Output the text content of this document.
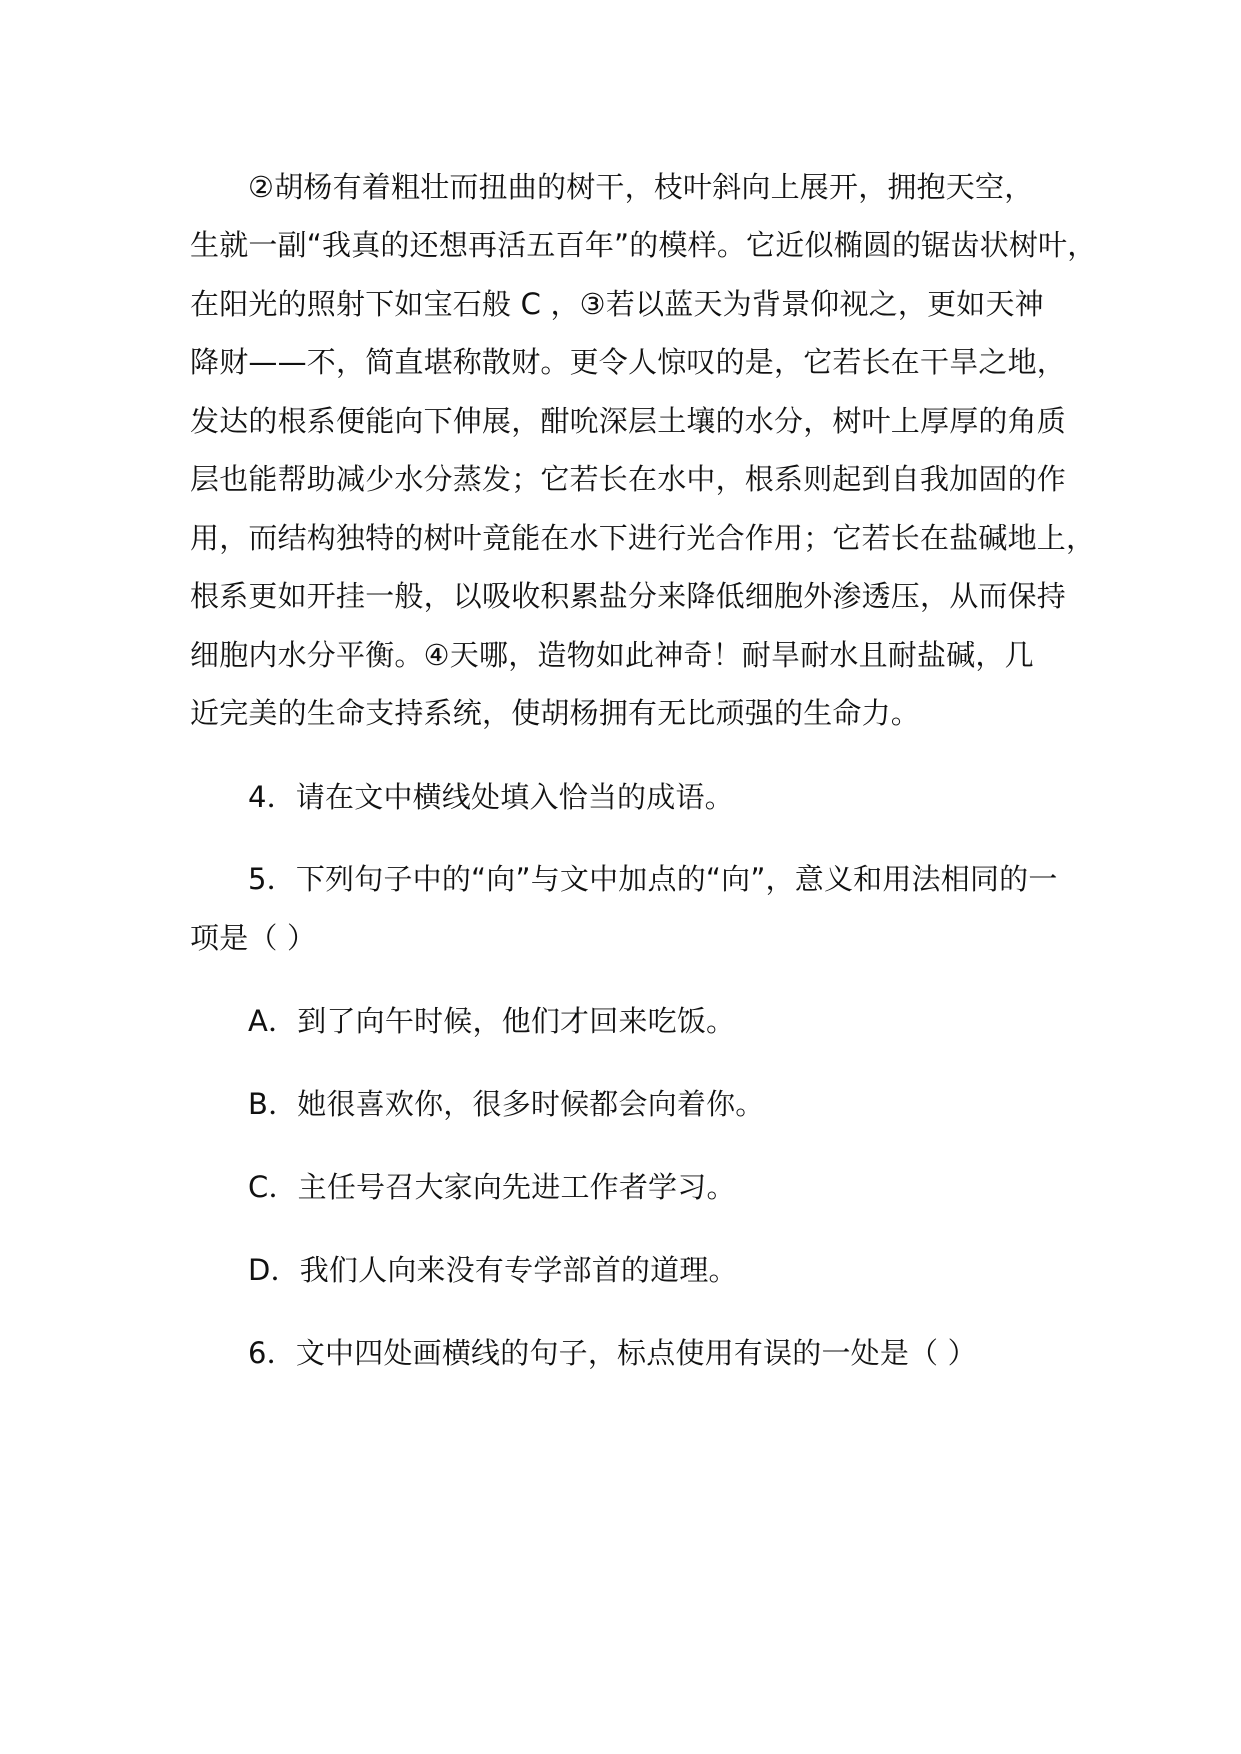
②胡杨有着粗壮而扭曲的树干，枝叶斜向上展开，拥抱天空，
生就一副“我真的还想再活五百年”的模样。它近似椭圆的锯齿状树叶，
在阳光的照射下如宝石般 C ，③若以蓝天为背景仰视之，更如天神
降财——不，简直堪称散财。更令人惊叹的是，它若长在干旱之地，
发达的根系便能向下伸展，酣吮深层土壤的水分，树叶上厚厚的角质
层也能帮助减少水分蒸发；它若长在水中，根系则起到自我加固的作
用，而结构独特的树叶竟能在水下进行光合作用；它若长在盐碱地上，
根系更如开挂一般，以吸收积累盐分来降低细胞外渗透压，从而保持
细胞内水分平衡。④天哪，造物如此神奇！耐旱耐水且耐盐碱，几
近完美的生命支持系统，使胡杨拥有无比顽强的生命力。
4．请在文中横线处填入恰当的成语。
5．下列句子中的“向”与文中加点的“向”，意义和用法相同的一
项是（ ）
A．到了向午时候，他们才回来吃饭。
B．她很喜欢你，很多时候都会向着你。
C．主任号召大家向先进工作者学习。
D．我们人向来没有专学部首的道理。
6．文中四处画横线的句子，标点使用有误的一处是（ ）
